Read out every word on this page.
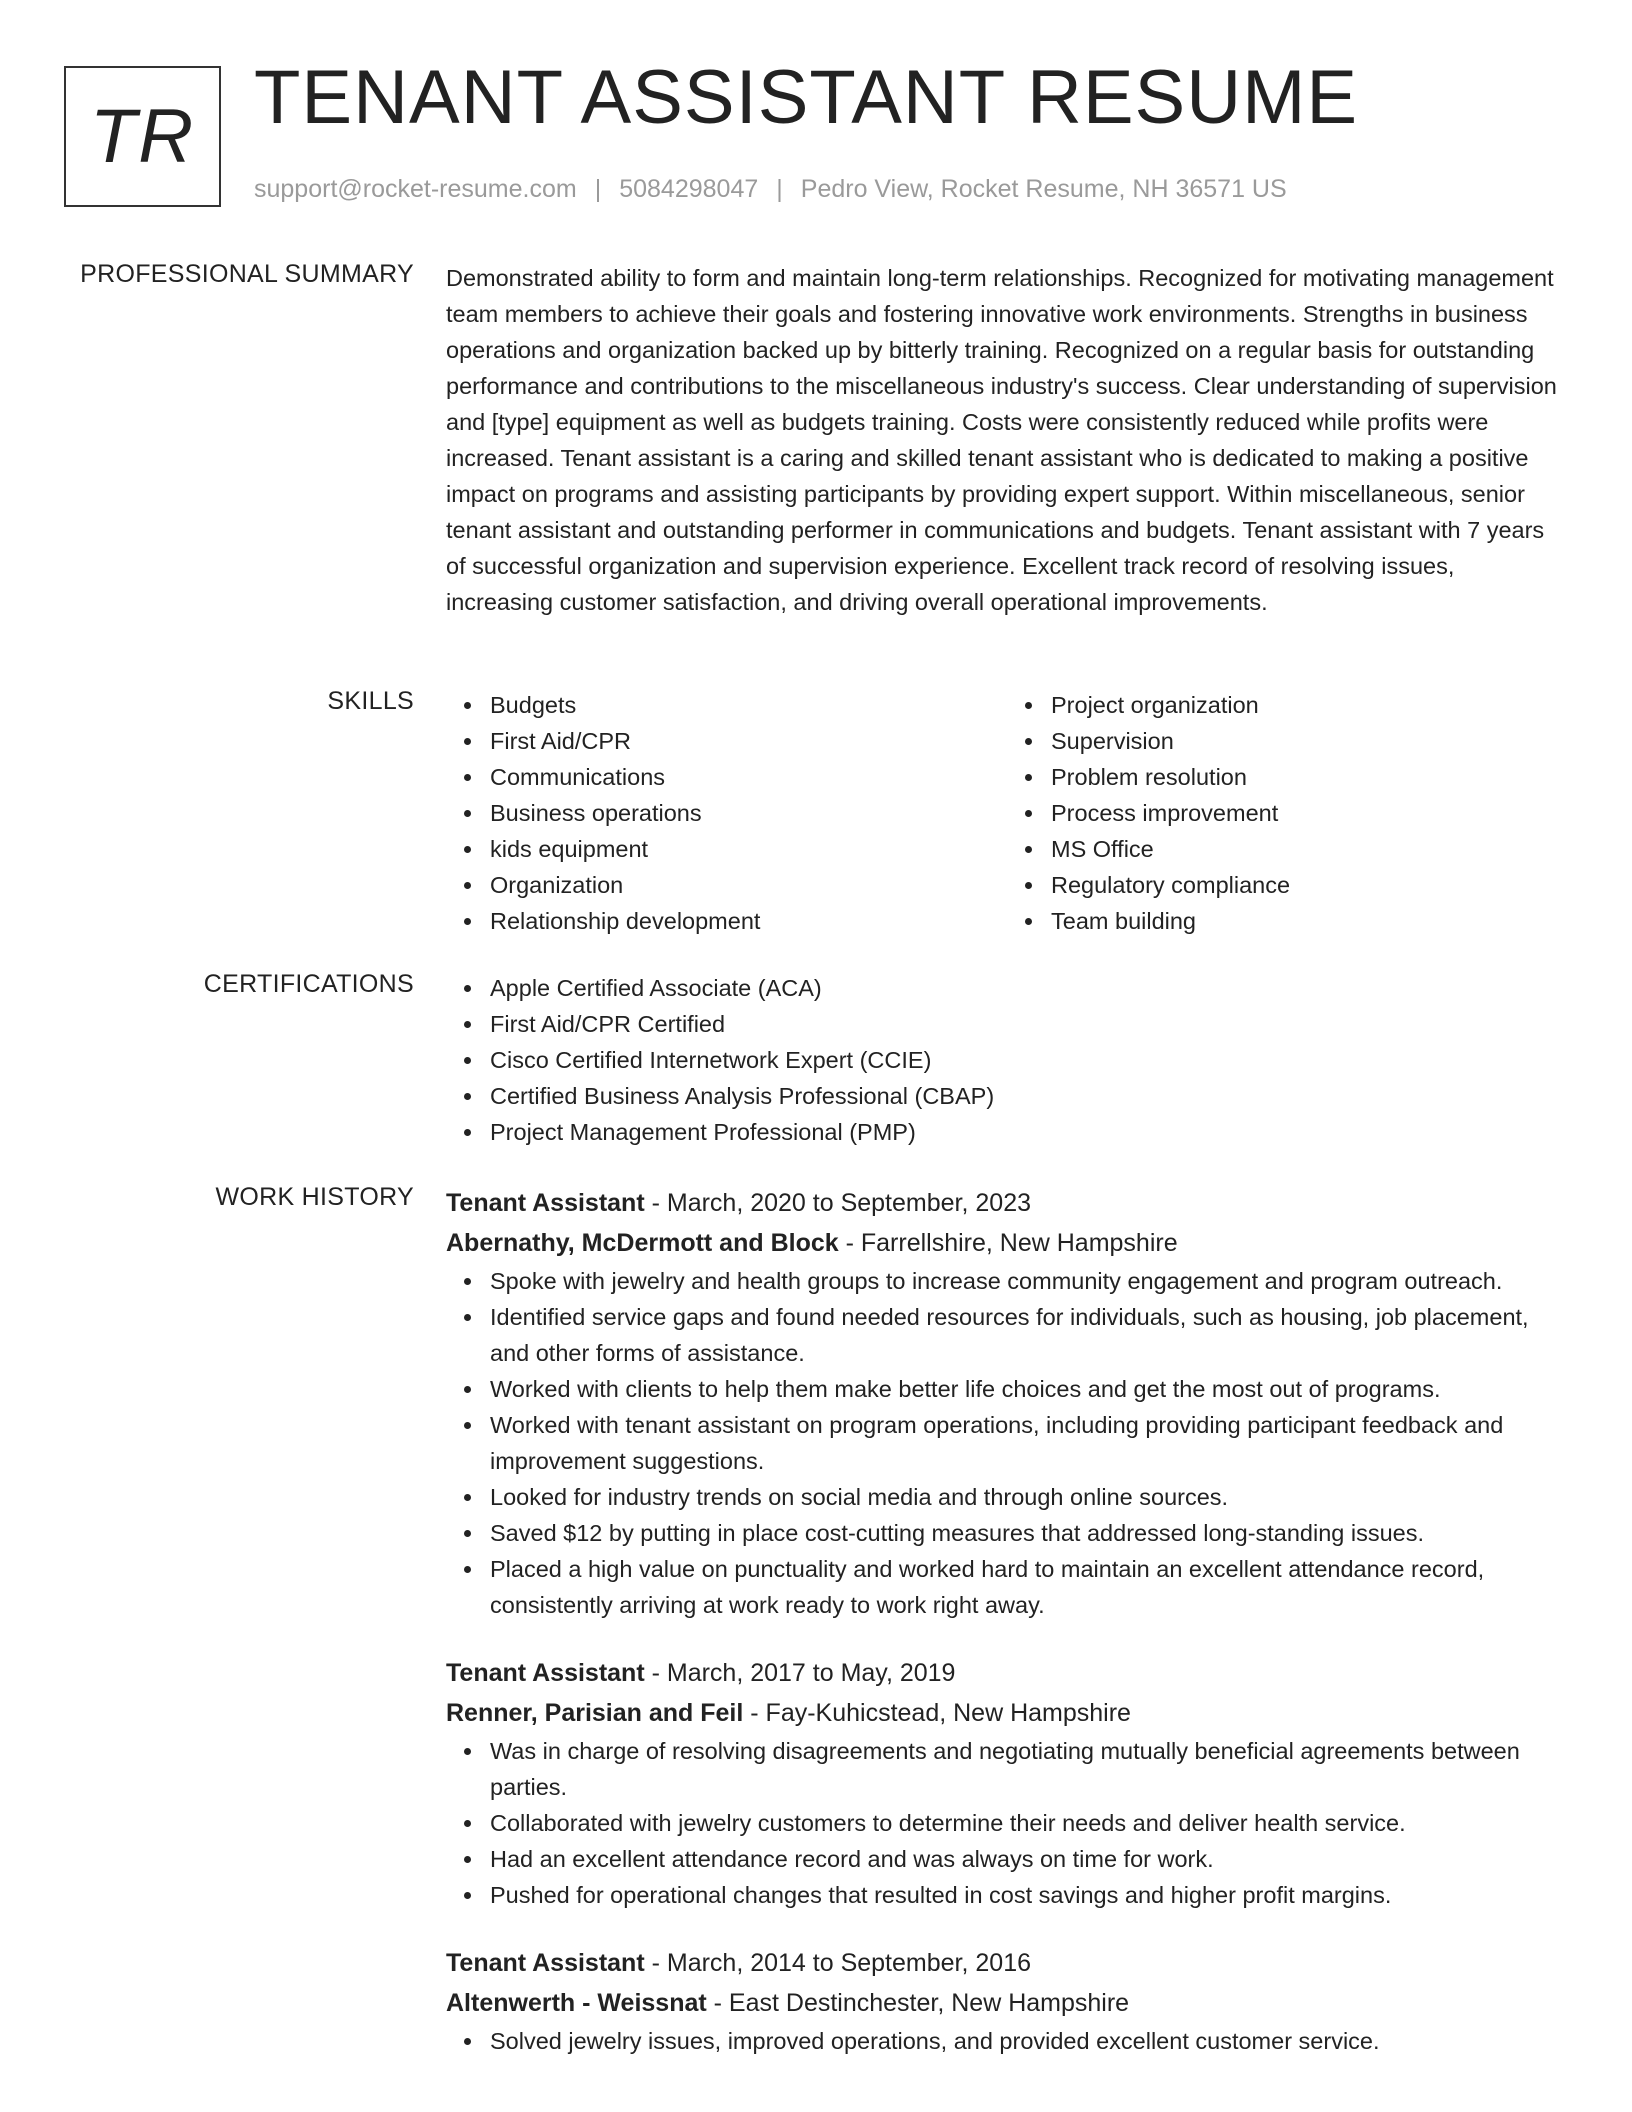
TR TENANT ASSISTANT RESUME
support@rocket-resume.com | 5084298047 | Pedro View, Rocket Resume, NH 36571 US
PROFESSIONAL SUMMARY Demonstrated ability to form and maintain long-term relationships. Recognized for motivating management team members to achieve their goals and fostering innovative work environments. Strengths in business operations and organization backed up by bitterly training. Recognized on a regular basis for outstanding performance and contributions to the miscellaneous industry's success. Clear understanding of supervision and [type] equipment as well as budgets training. Costs were consistently reduced while profits were increased. Tenant assistant is a caring and skilled tenant assistant who is dedicated to making a positive impact on programs and assisting participants by providing expert support. Within miscellaneous, senior tenant assistant and outstanding performer in communications and budgets. Tenant assistant with 7 years of successful organization and supervision experience. Excellent track record of resolving issues, increasing customer satisfaction, and driving overall operational improvements.

SKILLS	Budgets
First Aid/CPR
Communications
Business operations
kids equipment
Organization
Relationship development
Project organization
Supervision
Problem resolution
Process improvement
MS Office
Regulatory compliance
Team building
CERTIFICATIONS	Apple Certified Associate (ACA)
First Aid/CPR Certified
Cisco Certified Internetwork Expert (CCIE)
Certified Business Analysis Professional (CBAP)
Project Management Professional (PMP)
WORK HISTORY Tenant Assistant - March, 2020 to September, 2023
Abernathy, McDermott and Block - Farrellshire, New Hampshire
Spoke with jewelry and health groups to increase community engagement and program outreach.
Identified service gaps and found needed resources for individuals, such as housing, job placement, and other forms of assistance.
Worked with clients to help them make better life choices and get the most out of programs.
Worked with tenant assistant on program operations, including providing participant feedback and improvement suggestions.
Looked for industry trends on social media and through online sources.
Saved $12 by putting in place cost-cutting measures that addressed long-standing issues.
Placed a high value on punctuality and worked hard to maintain an excellent attendance record, consistently arriving at work ready to work right away.
Tenant Assistant - March, 2017 to May, 2019
Renner, Parisian and Feil - Fay-Kuhicstead, New Hampshire
Was in charge of resolving disagreements and negotiating mutually beneficial agreements between parties.
Collaborated with jewelry customers to determine their needs and deliver health service.
Had an excellent attendance record and was always on time for work.
Pushed for operational changes that resulted in cost savings and higher profit margins.
Tenant Assistant - March, 2014 to September, 2016
Altenwerth - Weissnat - East Destinchester, New Hampshire
Solved jewelry issues, improved operations, and provided excellent customer service.
